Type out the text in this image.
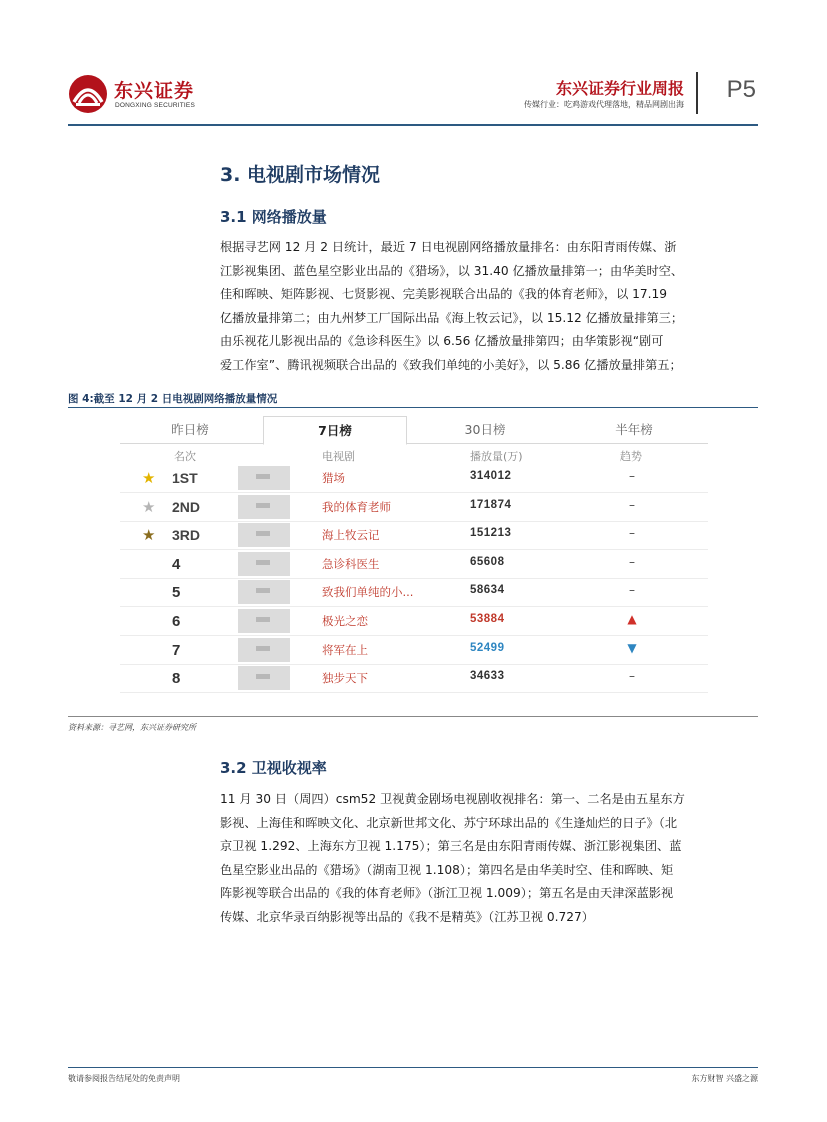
东兴证券
DONGXING SECURITIES
东兴证券行业周报
传媒行业：吃鸡游戏代理落地，精品网剧出海
P5
3. 电视剧市场情况
3.1 网络播放量
根据寻艺网 12 月 2 日统计，最近 7 日电视剧网络播放量排名：由东阳青雨传媒、浙
江影视集团、蓝色星空影业出品的《猎场》，以 31.40 亿播放量排第一；由华美时空、
佳和晖映、矩阵影视、七贤影视、完美影视联合出品的《我的体育老师》，以 17.19
亿播放量排第二；由九州梦工厂国际出品《海上牧云记》，以 15.12 亿播放量排第三；
由乐视花儿影视出品的《急诊科医生》以 6.56 亿播放量排第四；由华策影视“剧可
爱工作室”、腾讯视频联合出品的《致我们单纯的小美好》，以 5.86 亿播放量排第五；
图 4:截至 12 月 2 日电视剧网络播放量情况
昨日榜	7日榜	30日榜	半年榜
名次	电视剧	播放量(万)	趋势
★ 1ST	猎场	314012	–
★ 2ND	我的体育老师	171874	–
★ 3RD	海上牧云记	151213	–
4	急诊科医生	65608	–
5	致我们单纯的小...	58634	–
6	极光之恋	53884	▲
7	将军在上	52499	▼
8	独步天下	34633	–
资料来源：寻艺网，东兴证券研究所
3.2 卫视收视率
11 月 30 日（周四）csm52 卫视黄金剧场电视剧收视排名：第一、二名是由五星东方
影视、上海佳和晖映文化、北京新世邦文化、苏宁环球出品的《生逢灿烂的日子》（北
京卫视 1.292、上海东方卫视 1.175）；第三名是由东阳青雨传媒、浙江影视集团、蓝
色星空影业出品的《猎场》（湖南卫视 1.108）；第四名是由华美时空、佳和晖映、矩
阵影视等联合出品的《我的体育老师》（浙江卫视 1.009）；第五名是由天津深蓝影视
传媒、北京华录百纳影视等出品的《我不是精英》（江苏卫视 0.727）
敬请参阅报告结尾处的免责声明	东方财智 兴盛之源
